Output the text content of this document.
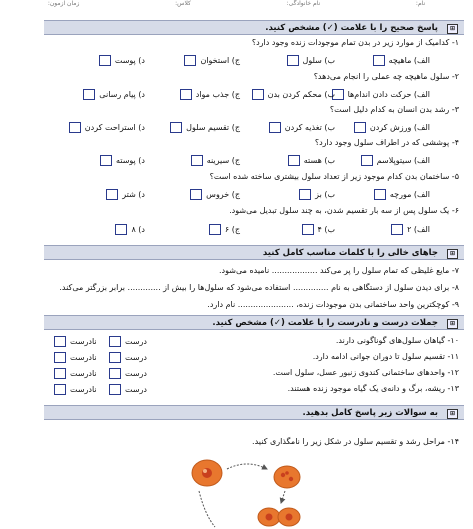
نام:
نام خانوادگی:
کلاس:
زمان آزمون:
⊞
پاسخ صحیح را با علامت (✓) مشخص کنید.
۱- کدامیک از موارد زیر در بدن تمام موجودات زنده وجود دارد؟
الف) ماهیچه
ب) سلول
ج) استخوان
د) پوست
۲- سلول ماهیچه چه عملی را انجام می‌دهد؟
الف) حرکت دادن اندام‌ها
ب) محکم کردن بدن
ج) جذب مواد
د) پیام رسانی
۳- رشد بدن انسان به کدام دلیل است؟
الف) ورزش کردن
ب) تغذیه کردن
ج) تقسیم سلول
د) استراحت کردن
۴- پوششی که در اطراف سلول وجود دارد؟
الف) سیتوپلاسم
ب) هسته
ج) سیرینه
د) پوسته
۵- ساختمان بدن کدام موجود زیر از تعداد سلول بیشتری ساخته شده است؟
الف) مورچه
ب) بز
ج) خروس
د) شتر
۶- یک سلول پس از سه بار تقسیم شدن، به چند سلول تبدیل می‌شود.
الف) ۲
ب) ۴
ج) ۶
د) ۸
⊞
جاهای خالی را با کلمات مناسب کامل کنید
۷- مایع غلیظی که تمام سلول را پر می‌کند .................. نامیده می‌شود.
۸- برای دیدن سلول از دستگاهی به نام .............. استفاده می‌شود که سلول‌ها را بیش از ............. برابر بزرگتر می‌کند.
۹- کوچکترین واحد ساختمانی بدن موجودات زنده، ...................... نام دارد.
⊞
جملات درست و نادرست را با علامت (✓) مشخص کنید.
۱۰- گیاهان سلول‌های گوناگونی دارند.
درست
نادرست
۱۱- تقسیم سلول تا دوران جوانی ادامه دارد.
درست
نادرست
۱۲- واحدهای ساختمانی کندوی زنبور عسل، سلول است.
درست
نادرست
۱۳- ریشه، برگ و دانه‌ی یک گیاه موجود زنده هستند.
درست
نادرست
⊞
به سوالات زیر پاسخ کامل بدهید.
۱۴- مراحل رشد و تقسیم سلول در شکل زیر را نامگذاری کنید.
